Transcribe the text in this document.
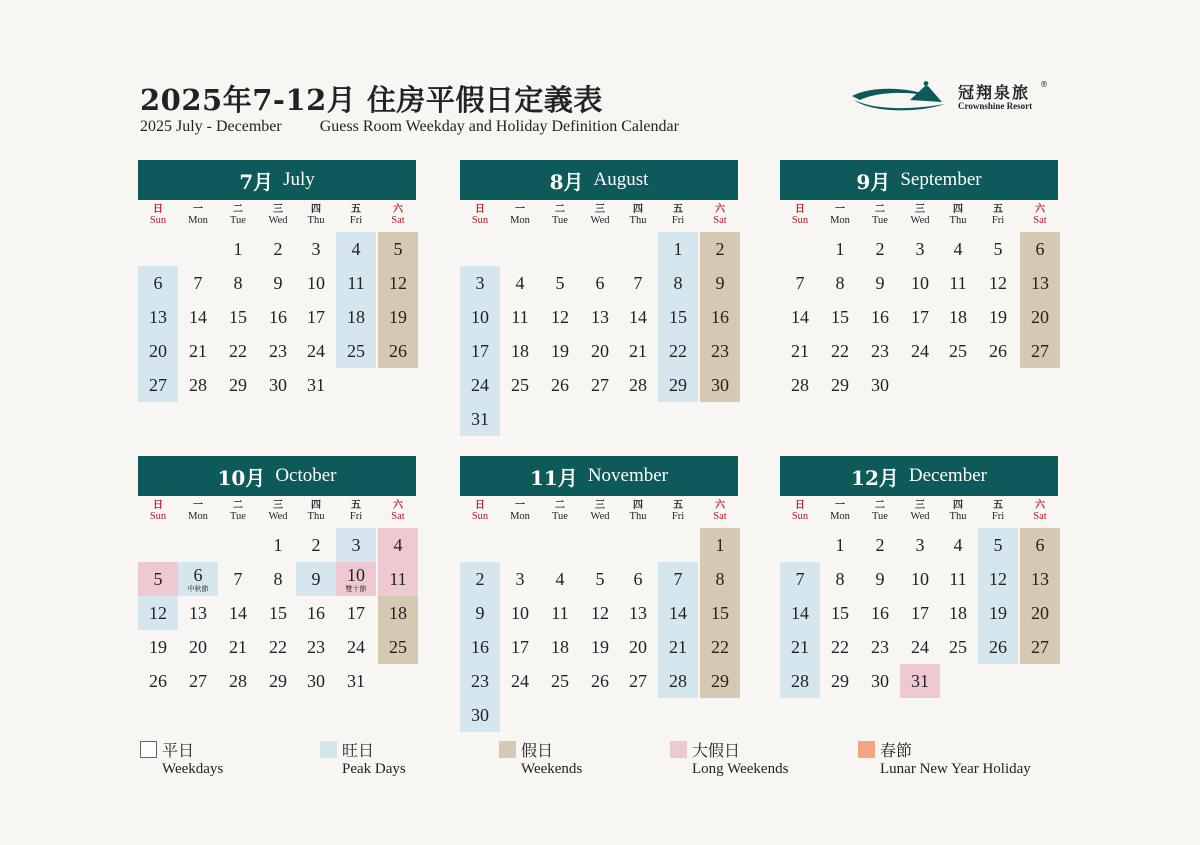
2025年7-12月 住房平假日定義表
2025 July - December Guess Room Weekday and Holiday Definition Calendar
冠翔泉旅 ®
Crownshine Resort
7月 July
日
Sun
一
Mon
二
Tue
三
Wed
四
Thu
五
Fri
六
Sat
1 2 3 4 5
6 7 8 9 10 11 12
13 14 15 16 17 18 19
20 21 22 23 24 25 26
27 28 29 30 31
8月 August
日
Sun
一
Mon
二
Tue
三
Wed
四
Thu
五
Fri
六
Sat
1 2
3 4 5 6 7 8 9
10 11 12 13 14 15 16
17 18 19 20 21 22 23
24 25 26 27 28 29 30
31
9月 September
日
Sun
一
Mon
二
Tue
三
Wed
四
Thu
五
Fri
六
Sat
1 2 3 4 5 6
7 8 9 10 11 12 13
14 15 16 17 18 19 20
21 22 23 24 25 26 27
28 29 30
10月 October
日
Sun
一
Mon
二
Tue
三
Wed
四
Thu
五
Fri
六
Sat
1 2 3 4
5 6
中秋節
7 8 9 10
雙十節
11
12 13 14 15 16 17 18
19 20 21 22 23 24 25
26 27 28 29 30 31
11月 November
日
Sun
一
Mon
二
Tue
三
Wed
四
Thu
五
Fri
六
Sat
1
2 3 4 5 6 7 8
9 10 11 12 13 14 15
16 17 18 19 20 21 22
23 24 25 26 27 28 29
30
12月 December
日
Sun
一
Mon
二
Tue
三
Wed
四
Thu
五
Fri
六
Sat
1 2 3 4 5 6
7 8 9 10 11 12 13
14 15 16 17 18 19 20
21 22 23 24 25 26 27
28 29 30 31
平日
Weekdays
旺日
Peak Days
假日
Weekends
大假日
Long Weekends
春節
Lunar New Year Holiday
